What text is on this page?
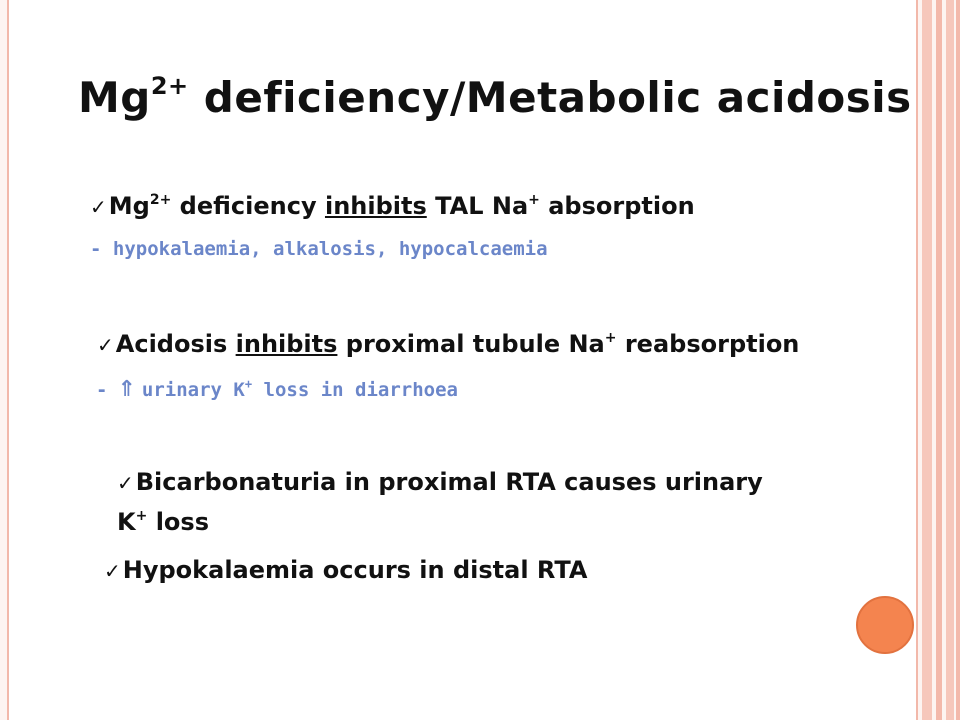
$Mg^{2+}$ deficiency/Metabolic acidosis
$✓Mg^{2+}$ deficiency inhibits TAL Na+ absorption
- hypokalaemia, alkalosis, hypocalcaemia
✓Acidosis inhibits proximal tubule Na+ reabsorption
- ⇑ urinary K+ loss in diarrhoea
✓Bicarbonaturia in proximal RTA causes urinary
K+ loss
✓Hypokalaemia occurs in distal RTA
